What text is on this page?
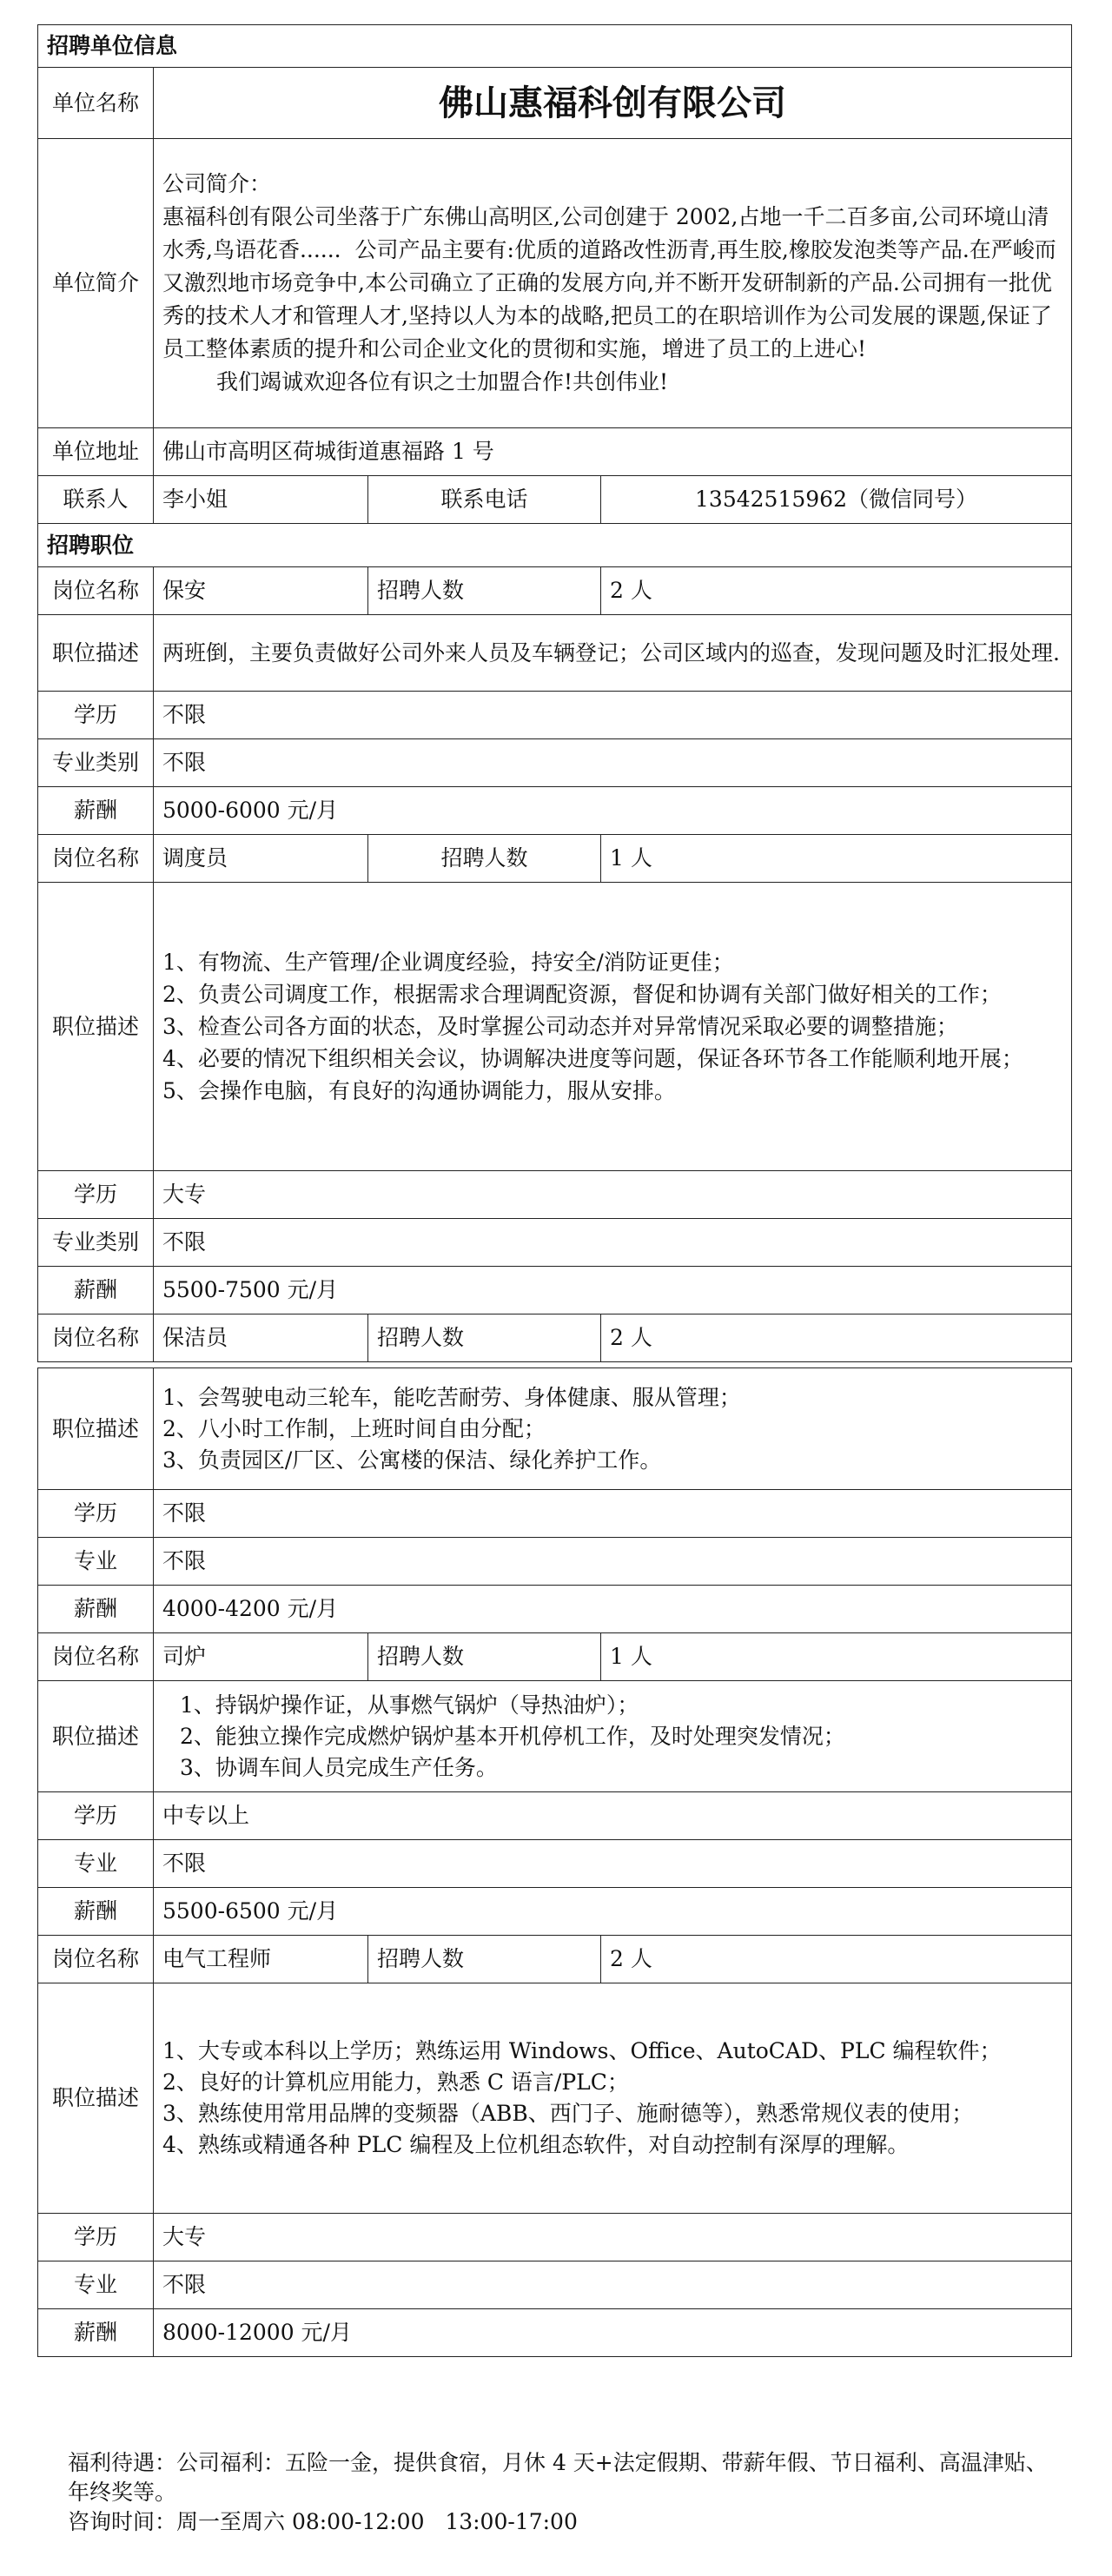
招聘单位信息			
单位名称	佛山惠福科创有限公司		
单位简介	公司简介：
惠福科创有限公司坐落于广东佛山高明区,公司创建于 2002,占地一千二百多亩,公司环境山清水秀,鸟语花香......  公司产品主要有:优质的道路改性沥青,再生胶,橡胶发泡类等产品.在严峻而又激烈地市场竞争中,本公司确立了正确的发展方向,并不断开发研制新的产品.公司拥有一批优秀的技术人才和管理人才,坚持以人为本的战略,把员工的在职培训作为公司发展的课题,保证了员工整体素质的提升和公司企业文化的贯彻和实施，增进了员工的上进心!
我们竭诚欢迎各位有识之士加盟合作!共创伟业!		

单位地址	佛山市高明区荷城街道惠福路 1 号		
联系人	李小姐	联系电话	13542515962（微信同号）
招聘职位			
岗位名称	保安	招聘人数	2 人
职位描述	两班倒，主要负责做好公司外来人员及车辆登记；公司区域内的巡查，发现问题及时汇报处理.		

学历	不限		
专业类别	不限		
薪酬	5000-6000 元/月		
岗位名称	调度员	招聘人数	1 人
职位描述	1、有物流、生产管理/企业调度经验，持安全/消防证更佳；
2、负责公司调度工作，根据需求合理调配资源，督促和协调有关部门做好相关的工作；
3、检查公司各方面的状态，及时掌握公司动态并对异常情况采取必要的调整措施；
4、必要的情况下组织相关会议，协调解决进度等问题，保证各环节各工作能顺利地开展；
5、会操作电脑，有良好的沟通协调能力，服从安排。		

学历	大专		
专业类别	不限		
薪酬	5500-7500 元/月		
岗位名称	保洁员	招聘人数	2 人

职位描述	1、会驾驶电动三轮车，能吃苦耐劳、身体健康、服从管理；
2、八小时工作制，上班时间自由分配；
3、负责园区/厂区、公寓楼的保洁、绿化养护工作。		

学历	不限		
专业	不限		
薪酬	4000-4200 元/月		
岗位名称	司炉	招聘人数	1 人
职位描述	1、持锅炉操作证，从事燃气锅炉（导热油炉）；
2、能独立操作完成燃炉锅炉基本开机停机工作，及时处理突发情况；
3、协调车间人员完成生产任务。		

学历	中专以上		
专业	不限		
薪酬	5500-6500 元/月		
岗位名称	电气工程师	招聘人数	2 人
职位描述	1、大专或本科以上学历；熟练运用 Windows、Office、AutoCAD、PLC 编程软件；
2、良好的计算机应用能力，熟悉 C 语言/PLC；
3、熟练使用常用品牌的变频器（ABB、西门子、施耐德等），熟悉常规仪表的使用；
4、熟练或精通各种 PLC 编程及上位机组态软件，对自动控制有深厚的理解。		

学历	大专		
专业	不限		
薪酬	8000-12000 元/月		
福利待遇：公司福利：五险一金，提供食宿，月休 4 天+法定假期、带薪年假、节日福利、高温津贴、年终奖等。
咨询时间：周一至周六 08:00-12:00   13:00-17:00
